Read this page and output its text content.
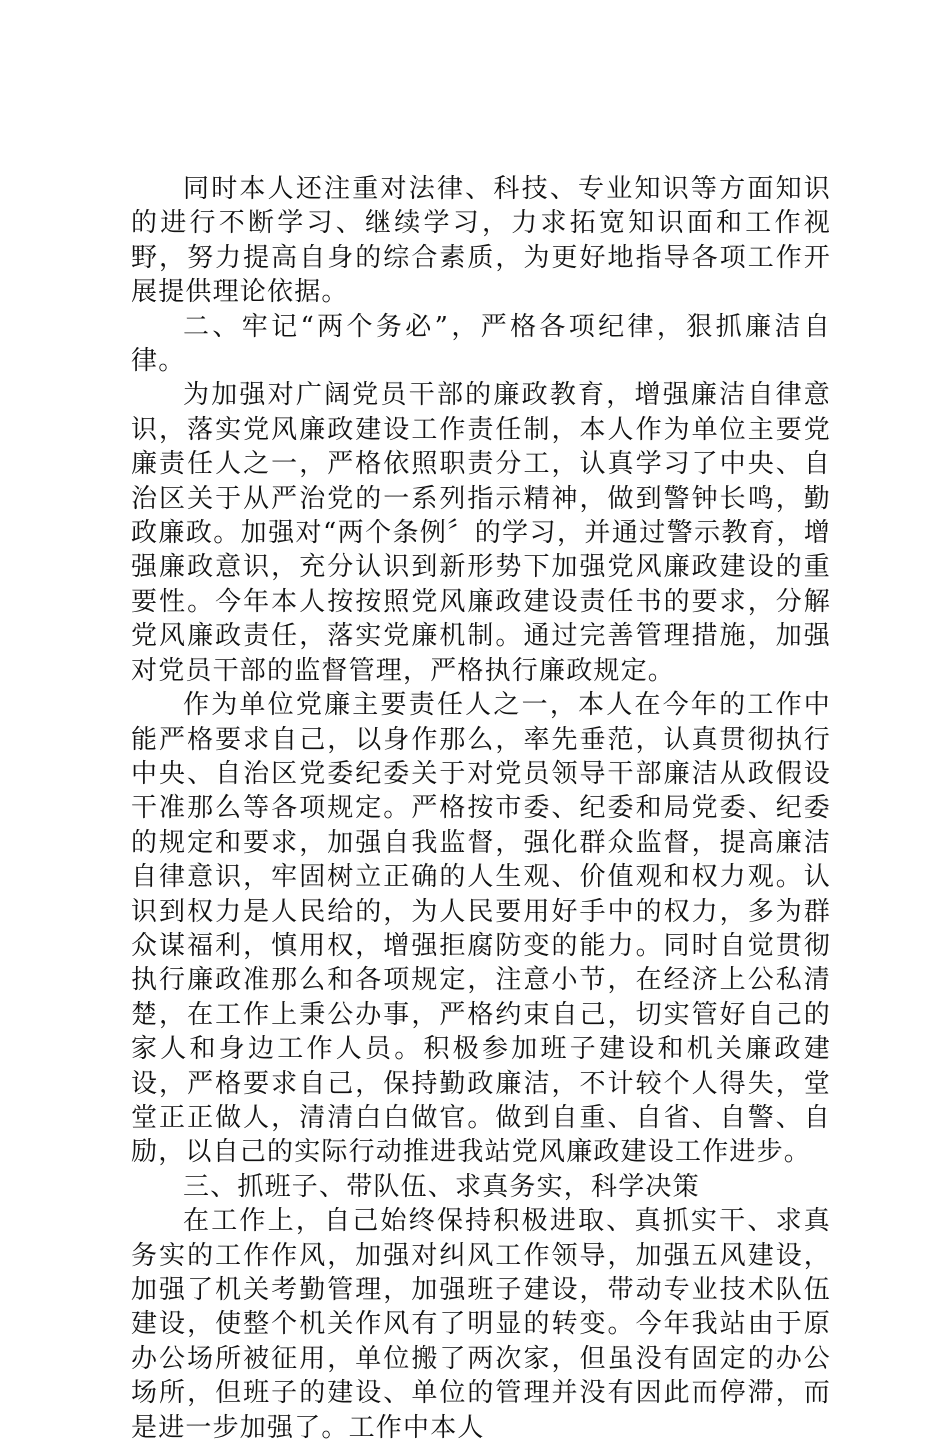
同时本人还注重对法律、科技、专业知识等方面知识的进行不断学习、继续学习，力求拓宽知识面和工作视野，努力提高自身的综合素质，为更好地指导各项工作开展提供理论依据。

二、牢记“两个务必”，严格各项纪律，狠抓廉洁自律。

为加强对广阔党员干部的廉政教育，增强廉洁自律意识，落实党风廉政建设工作责任制，本人作为单位主要党廉责任人之一，严格依照职责分工，认真学习了中央、自治区关于从严治党的一系列指示精神，做到警钟长鸣，勤政廉政。加强对“两个条例〞的学习，并通过警示教育，增强廉政意识，充分认识到新形势下加强党风廉政建设的重要性。今年本人按按照党风廉政建设责任书的要求，分解党风廉政责任，落实党廉机制。通过完善管理措施，加强对党员干部的监督管理，严格执行廉政规定。

作为单位党廉主要责任人之一，本人在今年的工作中能严格要求自己，以身作那么，率先垂范，认真贯彻执行中央、自治区党委纪委关于对党员领导干部廉洁从政假设干准那么等各项规定。严格按市委、纪委和局党委、纪委的规定和要求，加强自我监督，强化群众监督，提高廉洁自律意识，牢固树立正确的人生观、价值观和权力观。认识到权力是人民给的，为人民要用好手中的权力，多为群众谋福利，慎用权，增强拒腐防变的能力。同时自觉贯彻执行廉政准那么和各项规定，注意小节，在经济上公私清楚，在工作上秉公办事，严格约束自己，切实管好自己的家人和身边工作人员。积极参加班子建设和机关廉政建设，严格要求自己，保持勤政廉洁，不计较个人得失，堂堂正正做人，清清白白做官。做到自重、自省、自警、自励，以自己的实际行动推进我站党风廉政建设工作进步。

三、抓班子、带队伍、求真务实，科学决策

在工作上，自己始终保持积极进取、真抓实干、求真务实的工作作风，加强对纠风工作领导，加强五风建设，加强了机关考勤管理，加强班子建设，带动专业技术队伍建设，使整个机关作风有了明显的转变。今年我站由于原办公场所被征用，单位搬了两次家，但虽没有固定的办公场所，但班子的建设、单位的管理并没有因此而停滞，而是进一步加强了。工作中本人
